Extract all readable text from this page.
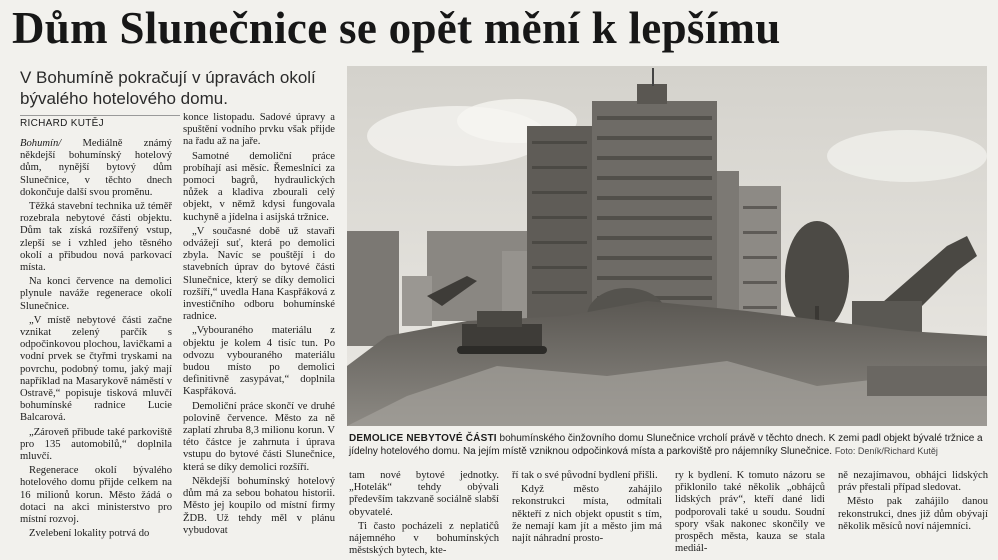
Dům Slunečnice se opět mění k lepšímu
V Bohumíně pokračují v úpravách okolí bývalého hotelového domu.
RICHARD KUTĚJ

Bohumín/ Mediálně známý někdejší bohumínský hotelový dům, nynější bytový dům Slunečnice, v těchto dnech dokončuje další svou proměnu.

Těžká stavební technika už téměř rozebrala nebytové části objektu. Dům tak získá rozšířený vstup, zlepší se i vzhled jeho těsného okolí a přibudou nová parkovací místa.

Na konci července na demolici plynule naváže regenerace okolí Slunečnice.

„V místě nebytové části začne vznikat zelený parčík s odpočinkovou plochou, lavičkami a vodní prvek se čtyřmi tryskami na povrchu, podobný tomu, jaký mají například na Masarykově náměstí v Ostravě,“ popisuje tisková mluvčí bohumínské radnice Lucie Balcarová.

„Zároveň přibude také parkoviště pro 135 automobilů,“ doplnila mluvčí.

Regenerace okolí bývalého hotelového domu přijde celkem na 16 milionů korun. Město žádá o dotaci na akci ministerstvo pro místní rozvoj.

Zvelebení lokality potrvá do

konce listopadu. Sadové úpravy a spuštění vodního prvku však přijde na řadu až na jaře.

Samotné demoliční práce probíhají asi měsíc. Řemeslníci za pomoci bagrů, hydraulických nůžek a kladiva zbourali celý objekt, v němž kdysi fungovala kuchyně a jídelna i asijská tržnice.

„V současné době už stavaři odvážejí suť, která po demolici zbyla. Navíc se pouštějí i do stavebních úprav do bytové části Slunečnice, který se díky demolici rozšíří,“ uvedla Hana Kaspřáková z investičního odboru bohumínské radnice.

„Vybouraného materiálu z objektu je kolem 4 tisíc tun. Po odvozu vybouraného materiálu budou místo po demolici definitivně zasypávat,“ doplnila Kaspřáková.

Demoliční práce skončí ve druhé polovině července. Město za ně zaplatí zhruba 8,3 milionu korun. V této částce je zahrnuta i úprava vstupu do bytové části Slunečnice, která se díky demolici rozšíří.

Někdejší bohumínský hotelový dům má za sebou bohatou historii. Město jej koupilo od místní firmy ŽDB. Už tehdy měl v plánu vybudovat

DEMOLICE NEBYTOVÉ ČÁSTI bohumínského činžovního domu Slunečnice vrcholí právě v těchto dnech. K zemi padl objekt bývalé tržnice a jídelny hotelového domu. Na jejím místě vzniknou odpočinková místa a parkoviště pro nájemníky Slunečnice. Foto: Deník/Richard Kutěj

tam nové bytové jednotky. „Hotelák“ tehdy obývali především takzvaně sociálně slabší obyvatelé.

Ti často pocházeli z neplatičů nájemného v bohumínských městských bytech, kte-

ří tak o své původní bydlení přišli.

Když město zahájilo rekonstrukci místa, odmítali někteří z nich objekt opustit s tím, že nemají kam jít a město jim má najít náhradní prosto-

ry k bydlení. K tomuto názoru se přiklonilo také několik „obhájců lidských práv“, kteří dané lidi podporovali také u soudu. Soudní spory však nakonec skončily ve prospěch města, kauza se stala mediál-

ně nezajímavou, obhájci lidských práv přestali případ sledovat.

Město pak zahájilo danou rekonstrukci, dnes již dům obývají několik měsíců noví nájemníci.
